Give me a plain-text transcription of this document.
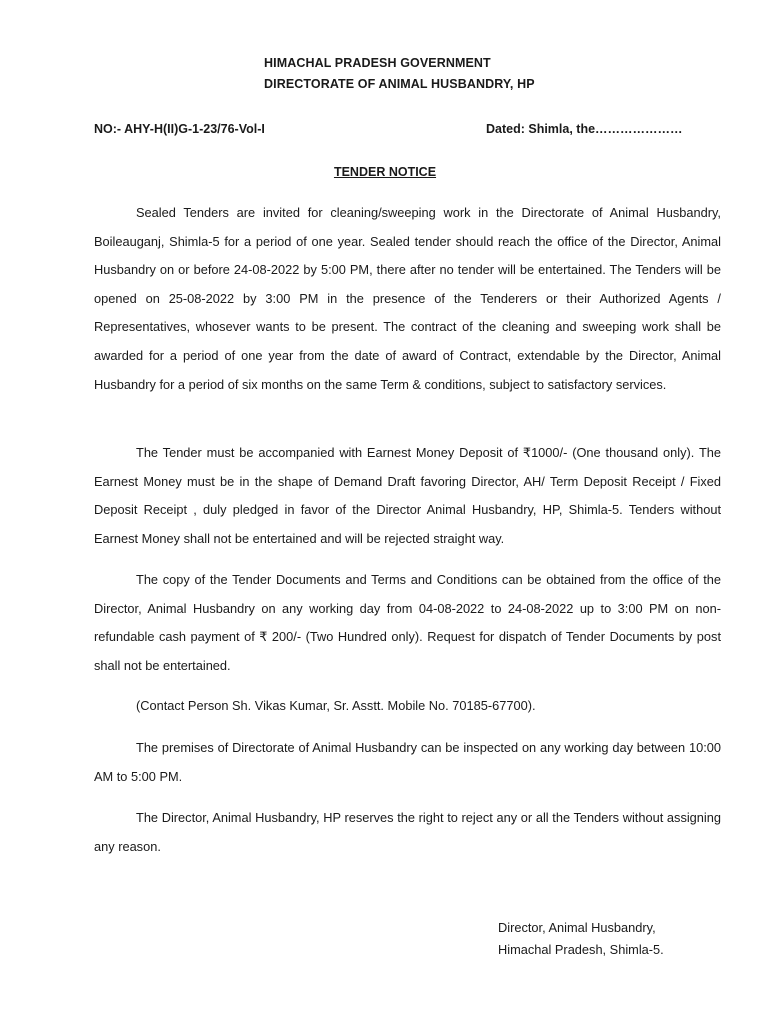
HIMACHAL PRADESH GOVERNMENT
DIRECTORATE OF ANIMAL HUSBANDRY, HP
NO:- AHY-H(II)G-1-23/76-Vol-I	Dated: Shimla, the…………………
TENDER NOTICE

Sealed Tenders are invited for cleaning/sweeping work in the Directorate of Animal Husbandry, Boileauganj, Shimla-5 for a period of one year. Sealed tender should reach the office of the Director, Animal Husbandry on or before 24-08-2022 by 5:00 PM, there after no tender will be entertained. The Tenders will be opened on 25-08-2022 by 3:00 PM in the presence of the Tenderers or their Authorized Agents / Representatives, whosever wants to be present. The contract of the cleaning and sweeping work shall be awarded for a period of one year from the date of award of Contract, extendable by the Director, Animal Husbandry for a period of six months on the same Term & conditions, subject to satisfactory services.

The Tender must be accompanied with Earnest Money Deposit of ₹1000/- (One thousand only). The Earnest Money must be in the shape of Demand Draft favoring Director, AH/ Term Deposit Receipt / Fixed Deposit Receipt , duly pledged in favor of the Director Animal Husbandry, HP, Shimla-5. Tenders without Earnest Money shall not be entertained and will be rejected straight way.

The copy of the Tender Documents and Terms and Conditions can be obtained from the office of the Director, Animal Husbandry on any working day from 04-08-2022 to 24-08-2022 up to 3:00 PM on non-refundable cash payment of ₹ 200/- (Two Hundred only). Request for dispatch of Tender Documents by post shall not be entertained.

(Contact Person Sh. Vikas Kumar, Sr. Asstt. Mobile No. 70185-67700).

The premises of Directorate of Animal Husbandry can be inspected on any working day between 10:00 AM to 5:00 PM.

The Director, Animal Husbandry, HP reserves the right to reject any or all the Tenders without assigning any reason.

Director, Animal Husbandry,
Himachal Pradesh, Shimla-5.
